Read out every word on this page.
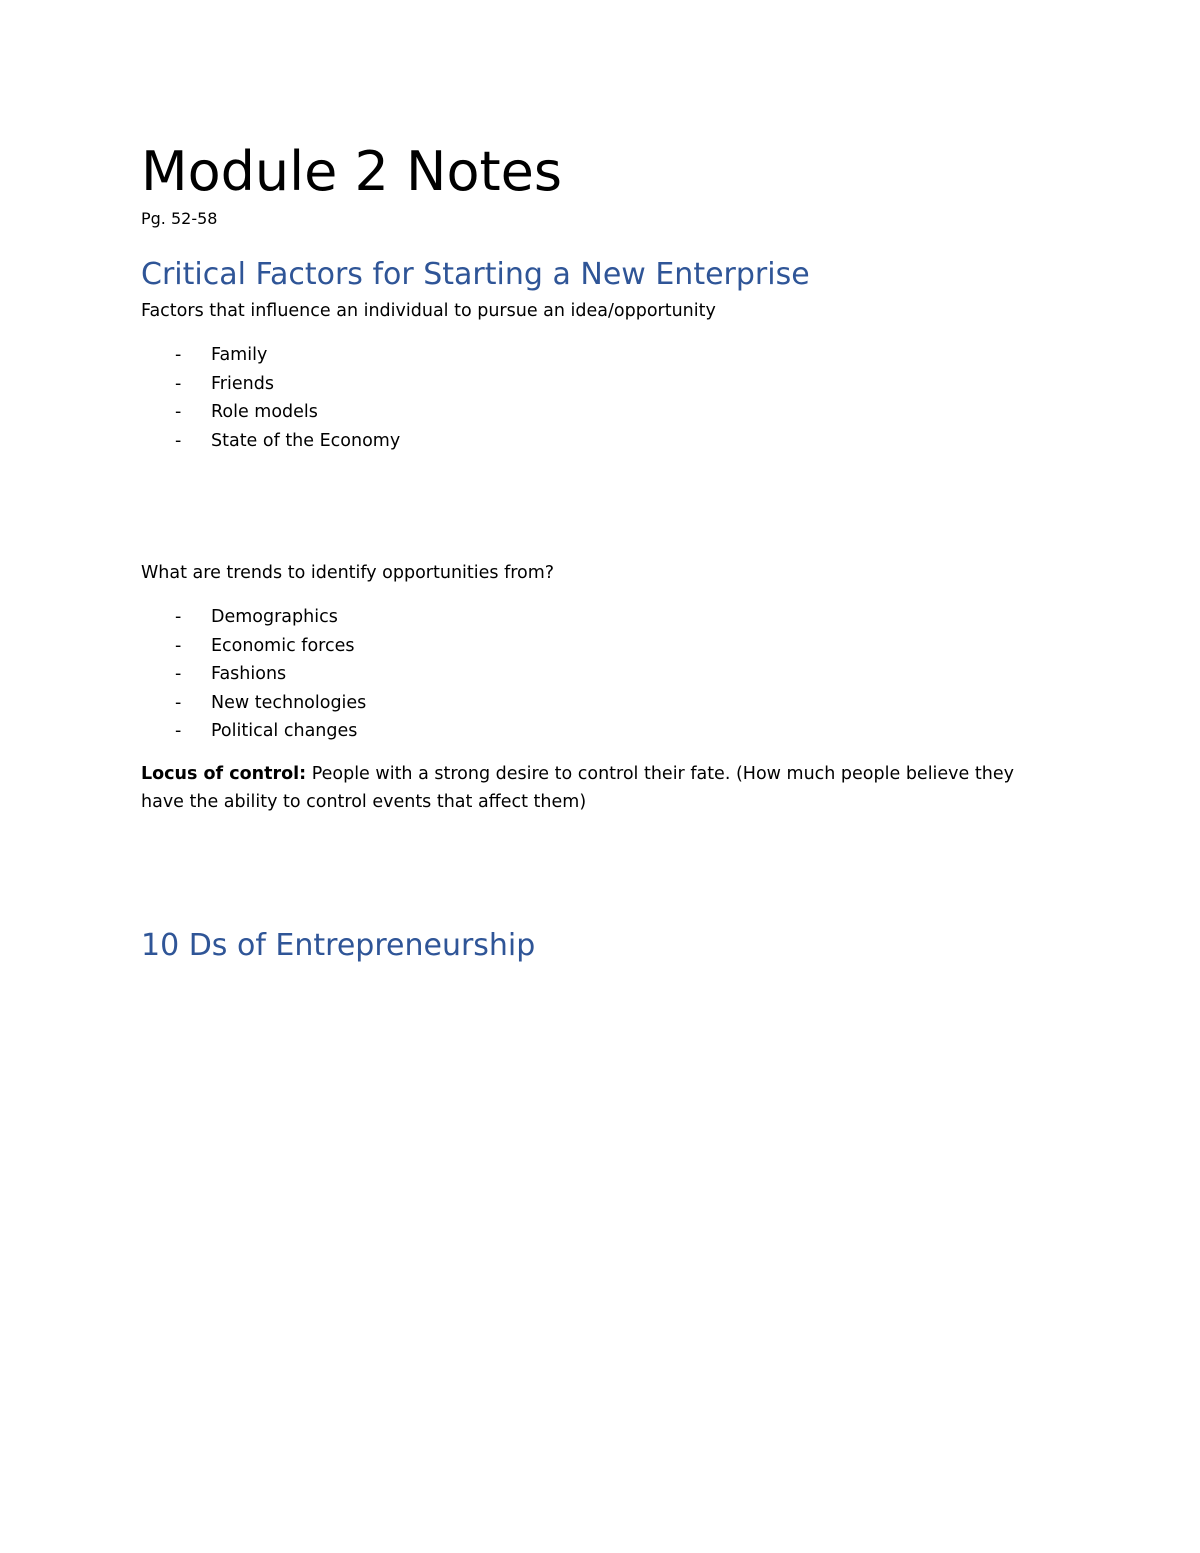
Module 2 Notes

Pg. 52-58

Critical Factors for Starting a New Enterprise

Factors that influence an individual to pursue an idea/opportunity

- Family
- Friends
- Role models
- State of the Economy

What are trends to identify opportunities from?

- Demographics
- Economic forces
- Fashions
- New technologies
- Political changes

Locus of control: People with a strong desire to control their fate. (How much people believe they have the ability to control events that affect them)

10 Ds of Entrepreneurship
